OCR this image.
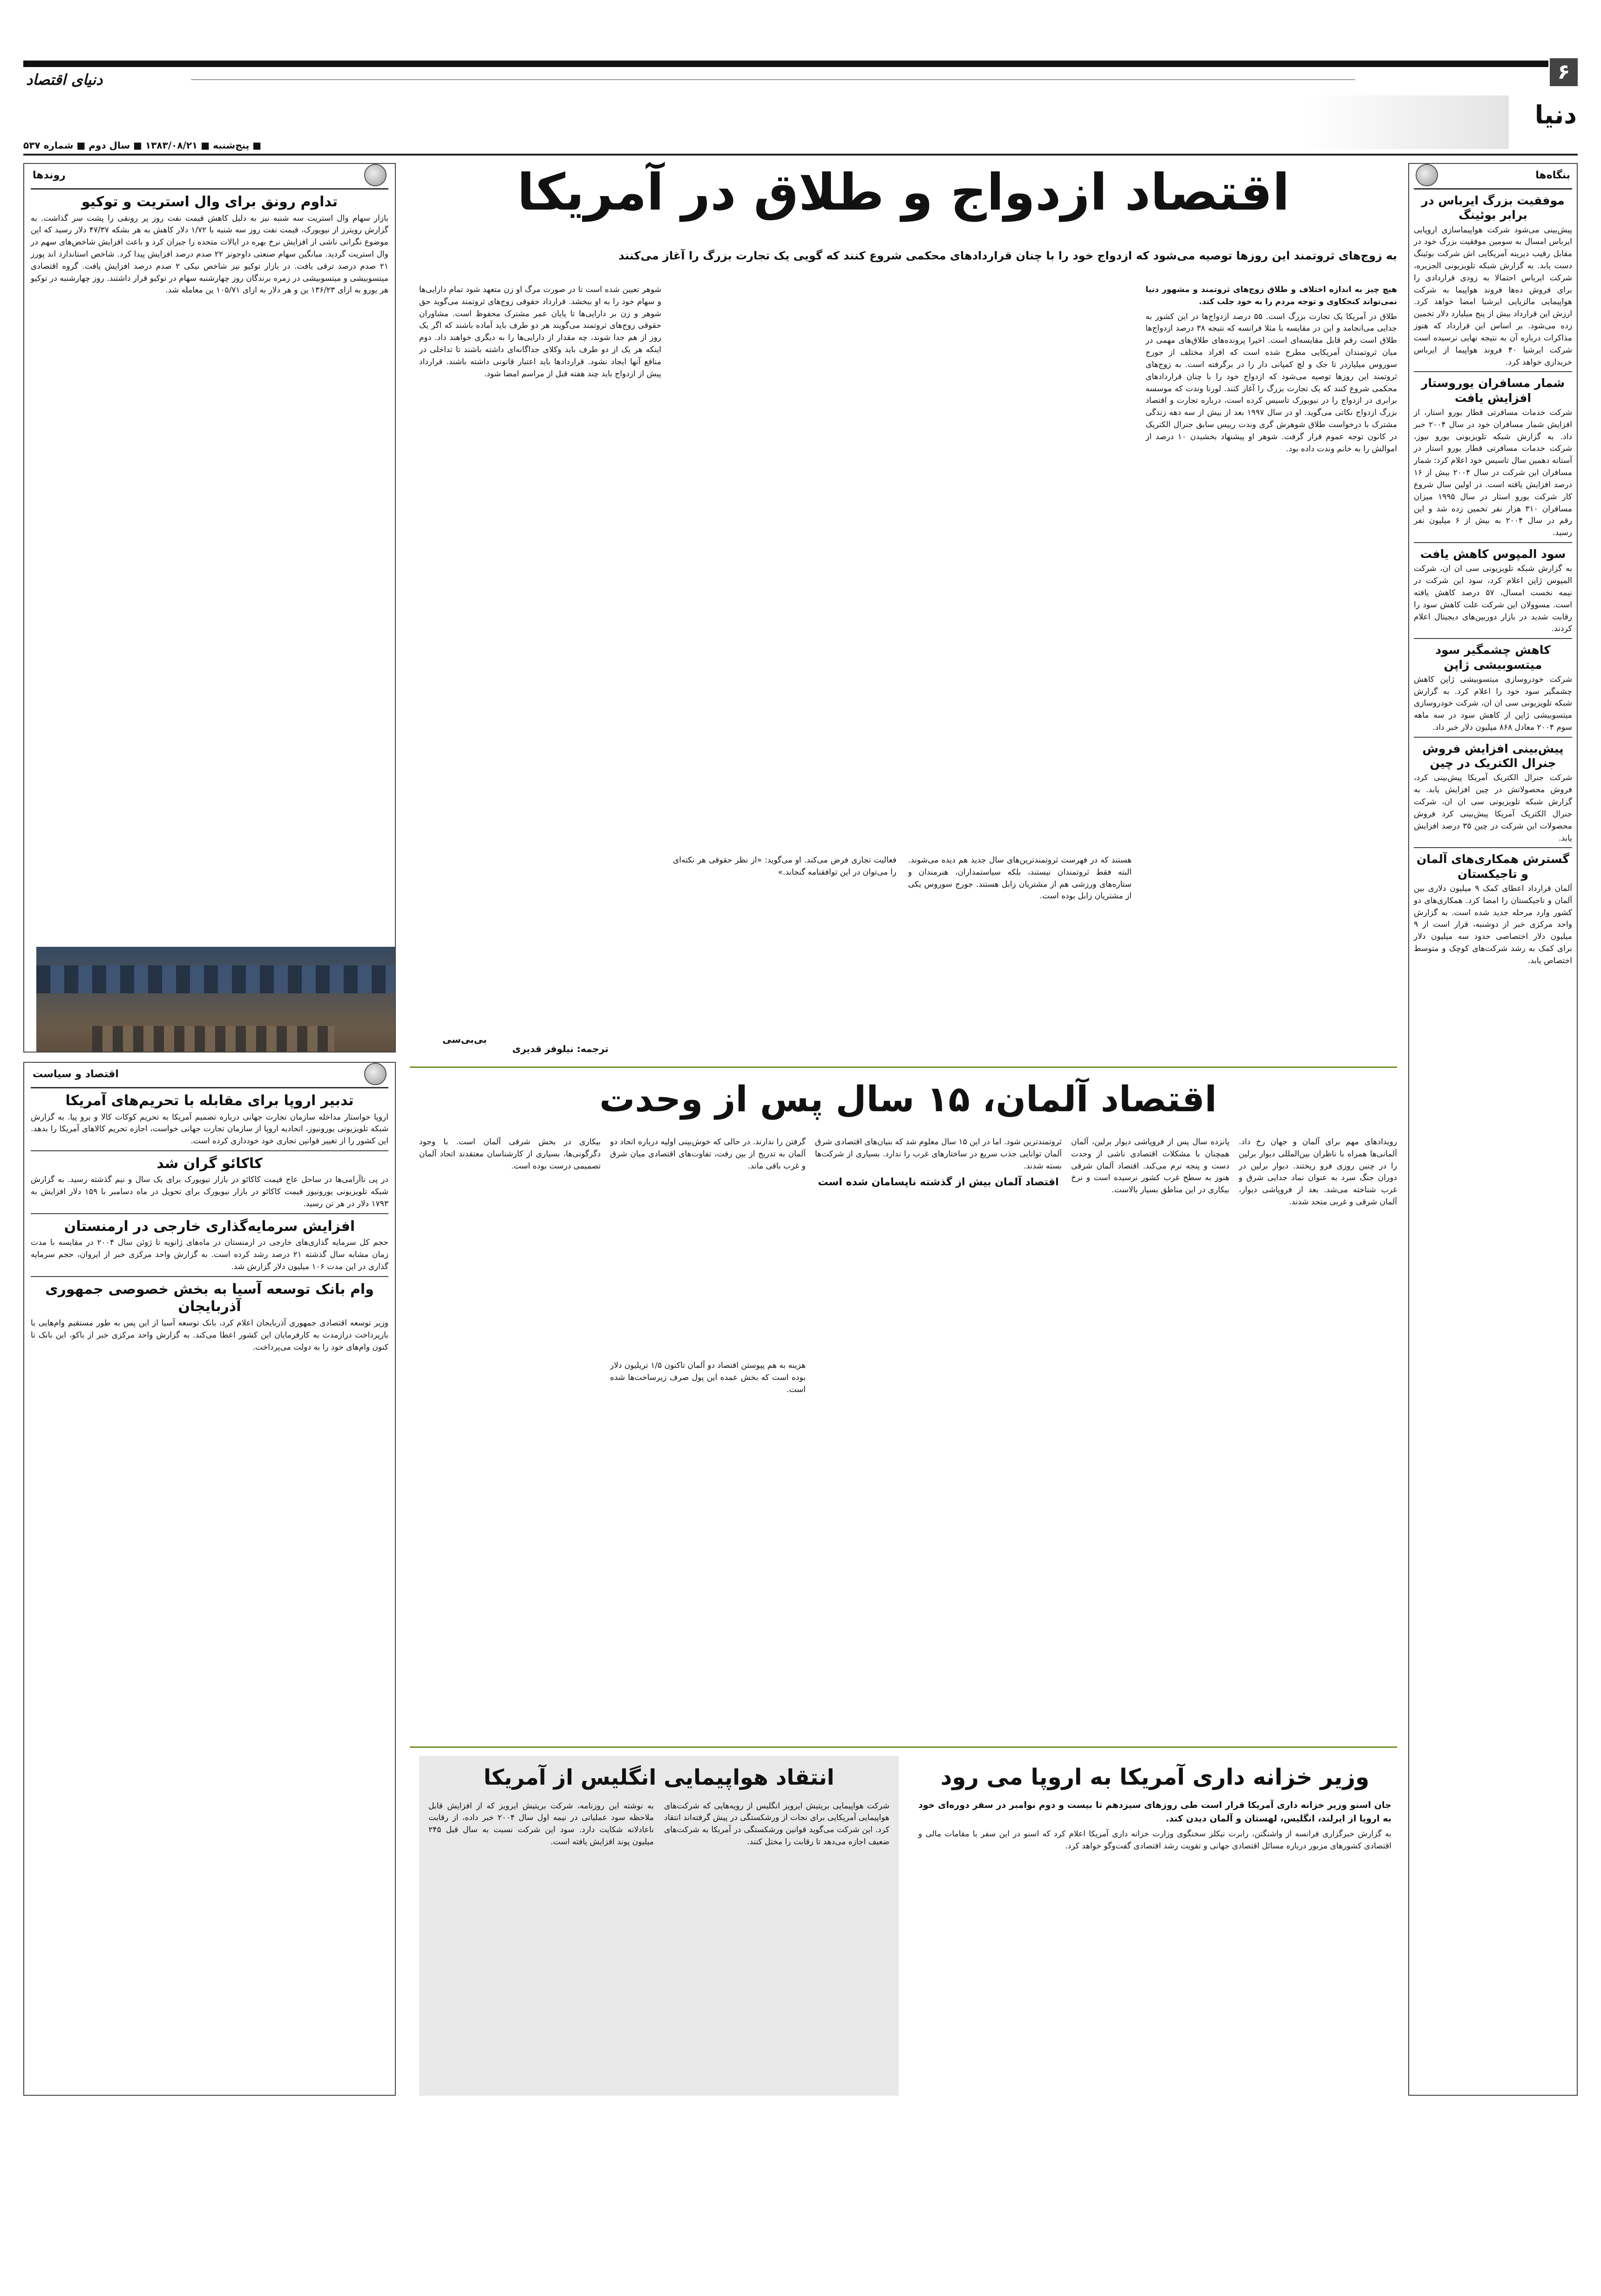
۶
دنیای اقتصاد
دنیا
■ پنج‌شنبه ■ ۱۳۸۳/۰۸/۲۱ ■ سال دوم ■ شماره ۵۳۷
بنگاه‌ها
موفقیت بزرگ ایرباس در برابر بوئینگ

پیش‌بینی می‌شود شرکت هواپیماسازی اروپایی ایرباس امسال به سومین موفقیت بزرگ خود در مقابل رقیب دیرینه آمریکایی اش شرکت بوئینگ دست یابد. به گزارش شبکه تلویزیونی الجزیره، شرکت ایرباس احتمالا به زودی قراردادی را برای فروش ده‌ها فروند هواپیما به شرکت هواپیمایی مالزیایی ایرشیا امضا خواهد کرد. ارزش این قرارداد بیش از پنج میلیارد دلار تخمین زده می‌شود. بر اساس این قرارداد که هنوز مذاکرات درباره آن به نتیجه نهایی نرسیده است شرکت ایرشیا ۴۰ فروند هواپیما از ایرباس خریداری خواهد کرد.

شمار مسافران یوروستار افزایش یافت

شرکت خدمات مسافرتی قطار یورو استار، از افزایش شمار مسافران خود در سال ۲۰۰۴ خبر داد. به گزارش شبکه تلویزیونی یورو نیوز، شرکت خدمات مسافرتی قطار یورو استار در آستانه دهمین سال تاسیس خود اعلام کرد: شمار مسافران این شرکت در سال ۲۰۰۴ بیش از ۱۶ درصد افزایش یافته است. در اولین سال شروع کار شرکت یورو استار در سال ۱۹۹۵ میزان مسافران ۳۱۰ هزار نفر تخمین زده شد و این رقم در سال ۲۰۰۴ به بیش از ۶ میلیون نفر رسید.

سود المپوس کاهش یافت

به گزارش شبکه تلویزیونی سی ان ان، شرکت المپوس ژاپن اعلام کرد، سود این شرکت در نیمه نخست امسال، ۵۷ درصد کاهش یافته است. مسوولان این شرکت علت کاهش سود را رقابت شدید در بازار دوربین‌های دیجیتال اعلام کردند.

کاهش چشمگیر سود میتسوبیشی ژاپن

شرکت خودروسازی میتسوبیشی ژاپن کاهش چشمگیر سود خود را اعلام کرد. به گزارش شبکه تلویزیونی سی ان ان، شرکت خودروسازی میتسوبیشی ژاپن از کاهش سود در سه ماهه سوم ۲۰۰۴ معادل ۸۶۸ میلیون دلار خبر داد.

پیش‌بینی افزایش فروش جنرال الکتریک در چین

شرکت جنرال الکتریک آمریکا پیش‌بینی کرد، فروش محصولاتش در چین افزایش یابد. به گزارش شبکه تلویزیونی سی ان ان، شرکت جنرال الکتریک آمریکا پیش‌بینی کرد فروش محصولات این شرکت در چین ۳۵ درصد افزایش یابد.

گسترش همکاری‌های آلمان و تاجیکستان

آلمان قرارداد اعطای کمک ۹ میلیون دلاری بین آلمان و تاجیکستان را امضا کرد. همکاری‌های دو کشور وارد مرحله جدید شده است. به گزارش واحد مرکزی خبر از دوشنبه، قرار است از ۹ میلیون دلار اختصاصی حدود سه میلیون دلار برای کمک به رشد شرکت‌های کوچک و متوسط اختصاص یابد.

روندها
تداوم رونق برای وال استریت و توکیو

بازار سهام وال استریت سه شنبه نیز به دلیل کاهش قیمت نفت روز پر رونقی را پشت سر گذاشت. به گزارش رویترز از نیویورک، قیمت نفت روز سه شنبه با ۱/۷۲ دلار کاهش به هر بشکه ۴۷/۳۷ دلار رسید که این موضوع نگرانی ناشی از افزایش نرخ بهره در ایالات متحده را جبران کرد و باعث افزایش شاخص‌های سهم در وال استریت گردید. میانگین سهام صنعتی داوجونز ۲۲ صدم درصد افزایش پیدا کرد. شاخص استاندارد اند پورز ۲۱ صدم درصد ترقی یافت. در بازار توکیو نیز شاخص نیکی ۲ صدم درصد افزایش یافت. گروه اقتصادی میتسوبیشی و میتسوبیشی در زمره برندگان روز چهارشنبه سهام در توکیو قرار داشتند. روز چهارشنبه در توکیو هر یورو به ازای ۱۳۶/۲۳ ین و هر دلار به ازای ۱۰۵/۷۱ ین معامله شد.

اقتصاد و سیاست
تدبیر اروپا برای مقابله با تحریم‌های آمریکا

اروپا خواستار مداخله سازمان تجارت جهانی درباره تصمیم آمریکا به تحریم کوکات کالا و برو پیا. به گزارش شبکه تلویزیونی یورونیوز، اتحادیه اروپا از سازمان تجارت جهانی خواست، اجازه تحریم کالاهای آمریکا را بدهد. این کشور را از تغییر قوانین تجاری خود خودداری کرده است.

کاکائو گران شد

در پی ناآرامی‌ها در ساحل عاج قیمت کاکائو در بازار نیویورک برای یک سال و نیم گذشته رسید. به گزارش شبکه تلویزیونی یورونیوز قیمت کاکائو در بازار نیویورک برای تحویل در ماه دسامبر با ۱۵۹ دلار افزایش به ۱۷۹۳ دلار در هر تن رسید.

افزایش سرمایه‌گذاری خارجی در ارمنستان

حجم کل سرمایه گذاری‌های خارجی در ارمنستان در ماه‌های ژانویه تا ژوئن سال ۲۰۰۴ در مقایسه با مدت زمان مشابه سال گذشته ۲۱ درصد رشد کرده است. به گزارش واحد مرکزی خبر از ایروان، حجم سرمایه گذاری در این مدت ۱۰۶ میلیون دلار گزارش شد.

وام بانک توسعه آسیا به بخش خصوصی جمهوری آذربایجان

وزیر توسعه اقتصادی جمهوری آذربایجان اعلام کرد، بانک توسعه آسیا از این پس به طور مستقیم وام‌هایی با بازپرداخت درازمدت به کارفرمایان این کشور اعطا می‌کند. به گزارش واحد مرکزی خبر از باکو، این بانک تا کنون وام‌های خود را به دولت می‌پرداخت.

اقتصاد ازدواج و طلاق در آمریکا
به زوج‌های ثروتمند این روزها توصیه می‌شود که ازدواج خود را با چنان قراردادهای محکمی شروع کنند که گویی یک تجارت بزرگ را آغاز می‌کنند

هیچ چیز به اندازه اختلاف و طلاق زوج‌های ثروتمند و مشهور دنیا نمی‌تواند کنجکاوی و توجه مردم را به خود جلب کند.

طلاق در آمریکا یک تجارت بزرگ است. ۵۵ درصد ازدواج‌ها در این کشور به جدایی می‌انجامد و این در مقایسه با مثلا فرانسه که نتیجه ۳۸ درصد ازدواج‌ها طلاق است رقم قابل مقایسه‌ای است. اخیرا پرونده‌های طلاق‌های مهمی در میان ثروتمندان آمریکایی مطرح شده است که افراد مختلف از جورج سوروس میلیاردر تا جک و لچ کمپانی دار را در برگرفته است. به زوج‌های ثروتمند این روزها توصیه می‌شود که ازدواج خود را با چنان قراردادهای محکمی شروع کنند که یک تجارت بزرگ را آغاز کنند. لورنا وندت که موسسه برابری در ازدواج را در نیویورک تاسیس کرده است، درباره تجارت و اقتصاد بزرگ ازدواج نکاتی می‌گوید. او در سال ۱۹۹۷ بعد از بیش از سه دهه زندگی مشترک با درخواست طلاق شوهرش گری وندت رییس سابق جنرال الکتریک در کانون توجه عموم قرار گرفت. شوهر او پیشنهاد بخشیدن ۱۰ درصد از اموالش را به خانم وندت داده بود.

شوهر تعیین شده است تا در صورت مرگ او زن متعهد شود تمام دارایی‌ها و سهام خود را به او ببخشد. قرارداد حقوقی زوج‌های ثروتمند می‌گوید حق شوهر و زن بر دارایی‌ها تا پایان عمر مشترک محفوظ است. مشاوران حقوقی زوج‌های ثروتمند می‌گویند هر دو طرف باید آماده باشند که اگر یک روز از هم جدا شوند، چه مقدار از دارایی‌ها را به دیگری خواهند داد. دوم اینکه هر یک از دو طرف باید وکلای جداگانه‌ای داشته باشند تا تداخلی در منافع آنها ایجاد نشود. قراردادها باید اعتبار قانونی داشته باشند. قرارداد پیش از ازدواج باید چند هفته قبل از مراسم امضا شود.

فعالیت تجاری فرض می‌کند. او می‌گوید: «از نظر حقوقی هر نکته‌ای را می‌توان در این توافقنامه گنجاند.»

هستند که در فهرست ثروتمندترین‌های سال جدید هم دیده می‌شوند. البته فقط ثروتمندان نیستند، بلکه سیاستمداران، هنرمندان و ستاره‌های ورزشی هم از مشتریان زابل هستند. جورج سوروس یکی از مشتریان زابل بوده است.

بی‌بی‌سی
ترجمه: نیلوفر قدیری
اقتصاد آلمان، ۱۵ سال پس از وحدت

رویدادهای مهم برای آلمان و جهان رخ داد. آلمانی‌ها همراه با ناظران بین‌المللی دیوار برلین را در چنین روزی فرو ریختند. دیوار برلین در دوران جنگ سرد به عنوان نماد جدایی شرق و غرب شناخته می‌شد. بعد از فروپاشی دیوار، آلمان شرقی و غربی متحد شدند.

پانزده سال پس از فروپاشی دیوار برلین، آلمان همچنان با مشکلات اقتصادی ناشی از وحدت دست و پنجه نرم می‌کند. اقتصاد آلمان شرقی هنوز به سطح غرب کشور نرسیده است و نرخ بیکاری در این مناطق بسیار بالاست.

ثروتمندترین شود. اما در این ۱۵ سال معلوم شد که بنیان‌های اقتصادی شرق آلمان توانایی جذب سریع در ساختارهای غرب را ندارد. بسیاری از شرکت‌ها بسته شدند.

اقتصاد آلمان بیش از گذشته ناپسامان شده است

گرفتن را ندارند. در حالی که خوش‌بینی اولیه درباره اتحاد دو آلمان به تدریج از بین رفت، تفاوت‌های اقتصادی میان شرق و غرب باقی ماند.

هزینه به هم پیوستن اقتصاد دو آلمان تاکنون ۱/۵ تریلیون دلار بوده است که بخش عمده این پول صرف زیرساخت‌ها شده است.

بیکاری در بخش شرقی آلمان است. با وجود دگرگونی‌ها، بسیاری از کارشناسان معتقدند اتحاد آلمان تصمیمی درست بوده است.

انتقاد هواپیمایی انگلیس از آمریکا

شرکت هواپیمایی بریتیش ایرویز انگلیس از رویه‌هایی که شرکت‌های هواپیمایی آمریکایی برای نجات از ورشکستگی در پیش گرفته‌اند انتقاد کرد. این شرکت می‌گوید قوانین ورشکستگی در آمریکا به شرکت‌های ضعیف اجازه می‌دهد تا رقابت را مختل کنند.

به نوشته این روزنامه، شرکت بریتیش ایرویز که از افزایش قابل ملاحظه سود عملیاتی در نیمه اول سال ۲۰۰۴ خبر داده، از رقابت ناعادلانه شکایت دارد. سود این شرکت نسبت به سال قبل ۲۴۵ میلیون پوند افزایش یافته است.

وزیر خزانه داری آمریکا به اروپا می رود

جان اسنو وزیر خزانه داری آمریکا قرار است طی روزهای سیزدهم تا بیست و دوم نوامبر در سفر دوره‌ای خود به اروپا از ایرلند، انگلیس، لهستان و آلمان دیدن کند.

به گزارش خبرگزاری فرانسه از واشنگتن، رابرت نیکلز سخنگوی وزارت خزانه داری آمریکا اعلام کرد که اسنو در این سفر با مقامات مالی و اقتصادی کشورهای مزبور درباره مسائل اقتصادی جهانی و تقویت رشد اقتصادی گفت‌وگو خواهد کرد.
